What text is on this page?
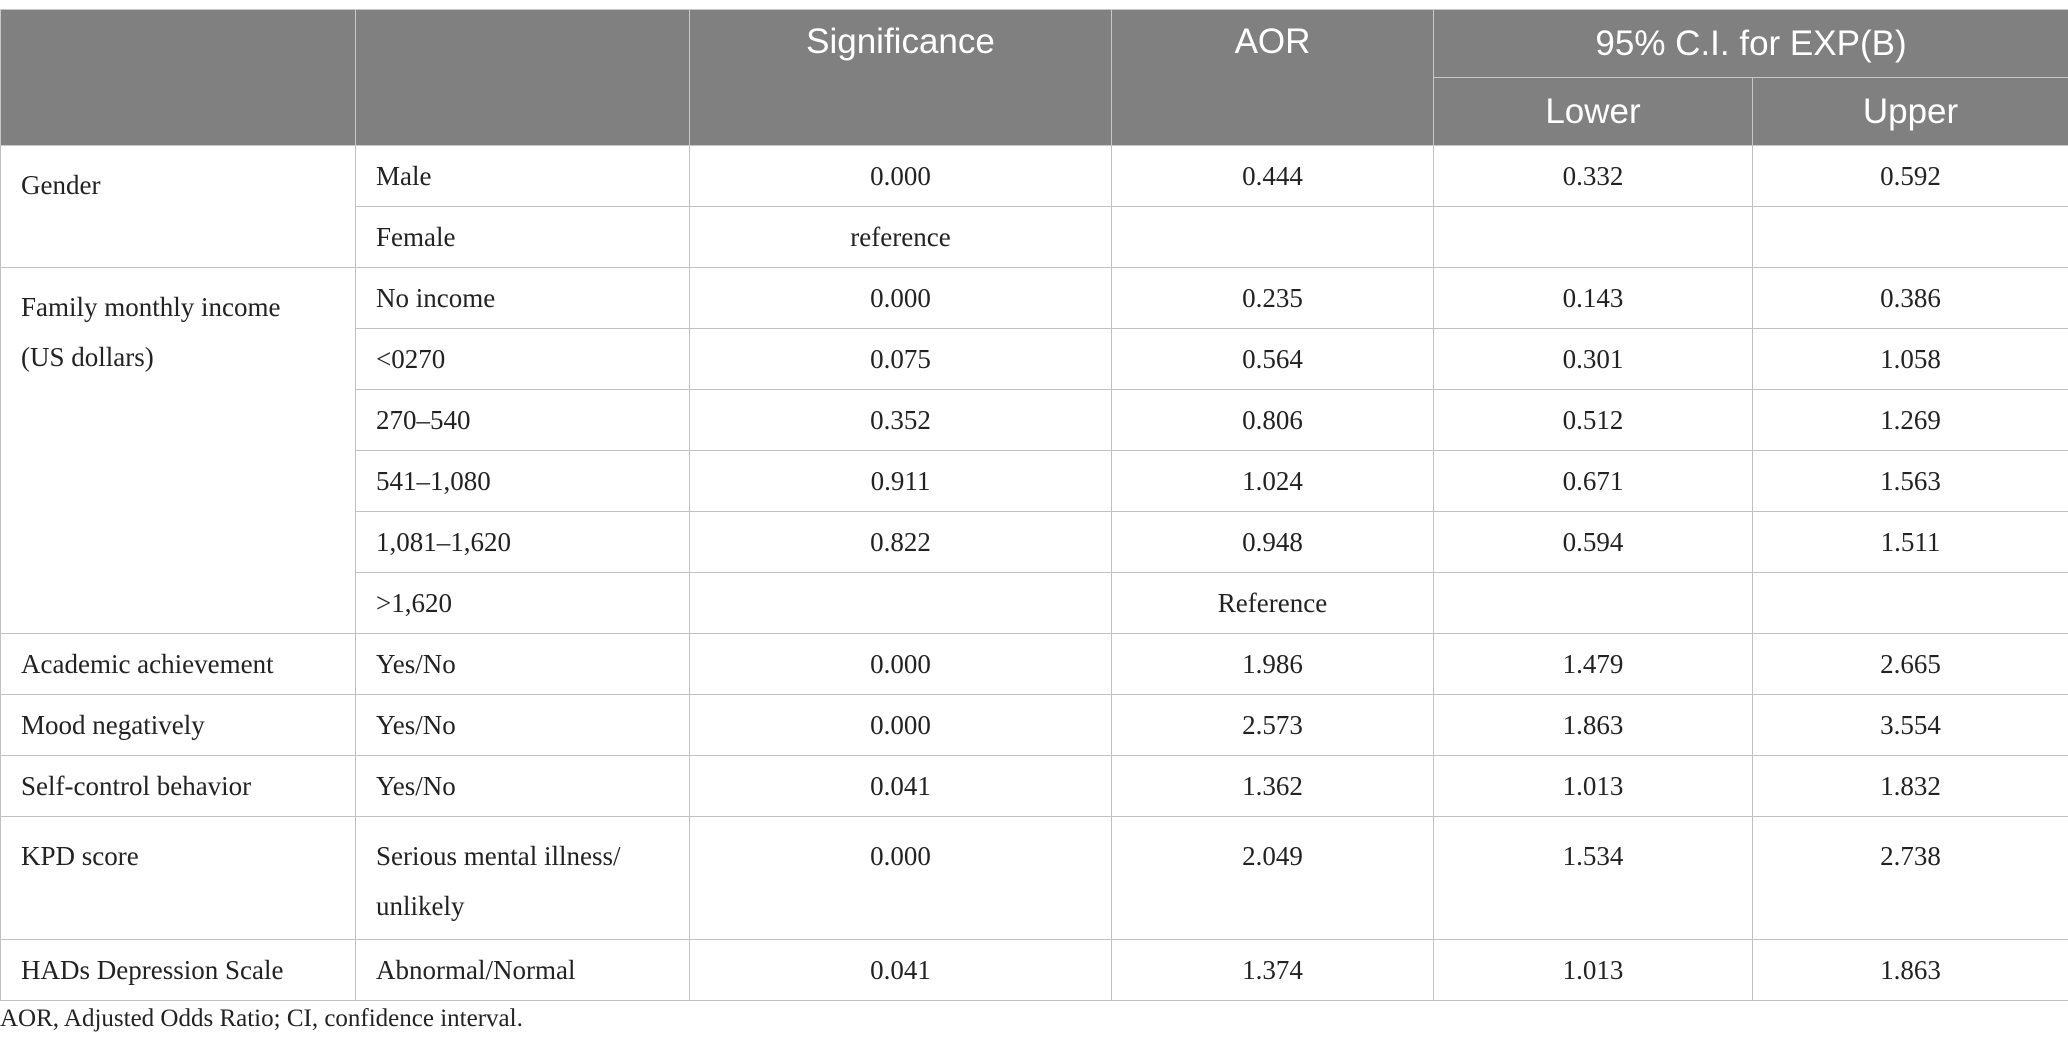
		Significance	AOR	95% C.I. for EXP(B)	
				Lower	Upper
Gender	Male	0.000	0.444	0.332	0.592
	Female	reference			
Family monthly income (US dollars)	No income	0.000	0.235	0.143	0.386
	<0270	0.075	0.564	0.301	1.058
	270–540	0.352	0.806	0.512	1.269
	541–1,080	0.911	1.024	0.671	1.563
	1,081–1,620	0.822	0.948	0.594	1.511
	>1,620		Reference		
Academic achievement	Yes/No	0.000	1.986	1.479	2.665
Mood negatively	Yes/No	0.000	2.573	1.863	3.554
Self-control behavior	Yes/No	0.041	1.362	1.013	1.832
KPD score	Serious mental illness/ unlikely	0.000	2.049	1.534	2.738
HADs Depression Scale	Abnormal/Normal	0.041	1.374	1.013	1.863
AOR, Adjusted Odds Ratio; CI, confidence interval.
